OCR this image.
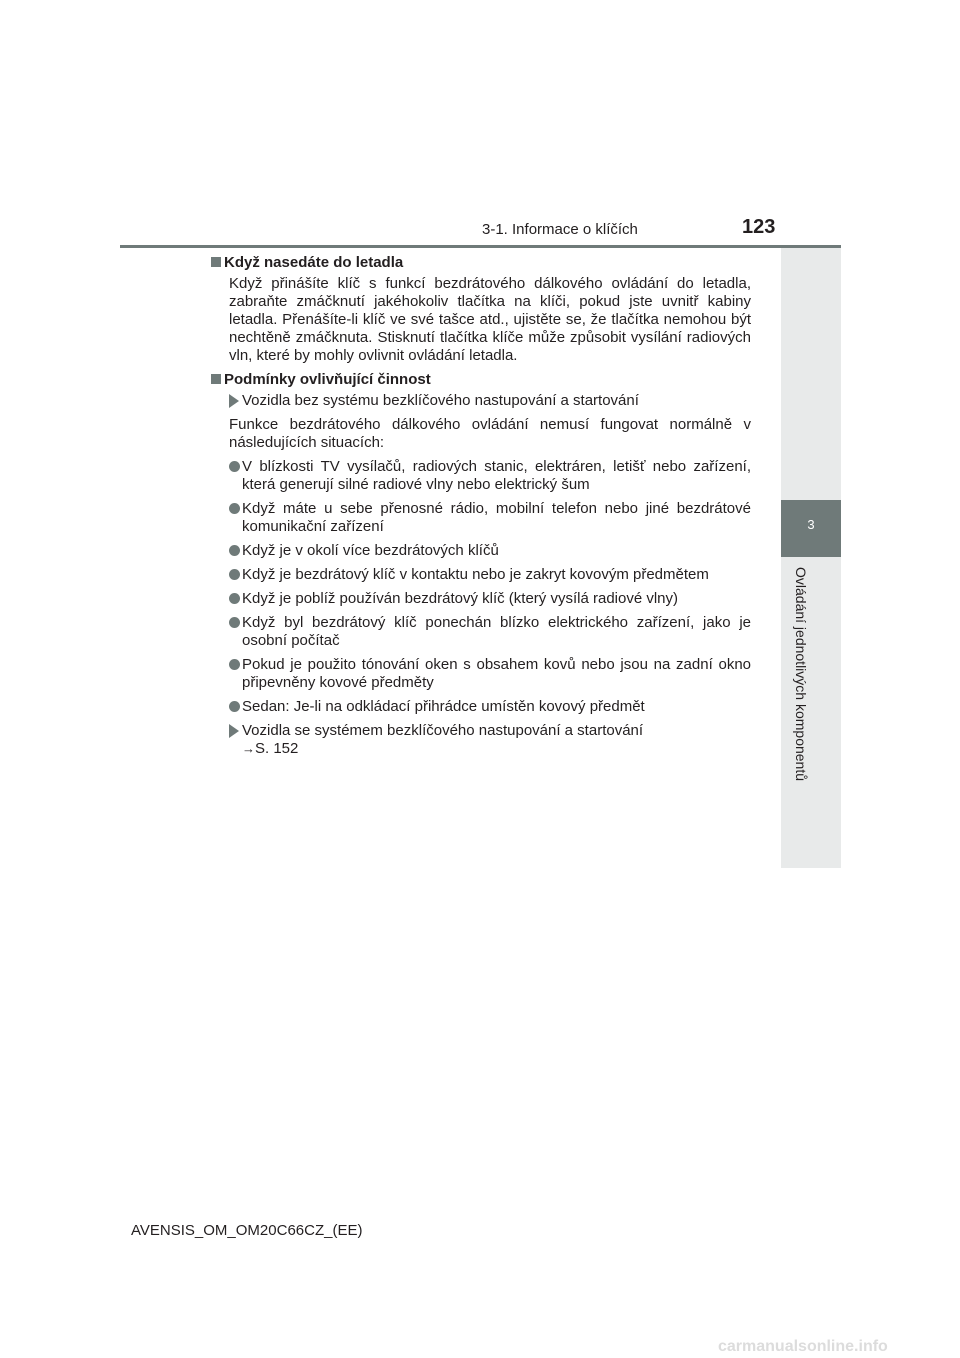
3-1. Informace o klíčích	123
3
Ovládání jednotlivých komponentů
Když nasedáte do letadla
Když přinášíte klíč s funkcí bezdrátového dálkového ovládání do letadla, zabraňte zmáčknutí jakéhokoliv tlačítka na klíči, pokud jste uvnitř kabiny letadla. Přenášíte-li klíč ve své tašce atd., ujistěte se, že tlačítka nemohou být nechtěně zmáčknuta. Stisknutí tlačítka klíče může způsobit vysílání radiových vln, které by mohly ovlivnit ovládání letadla.
Podmínky ovlivňující činnost
Vozidla bez systému bezklíčového nastupování a startování
Funkce bezdrátového dálkového ovládání nemusí fungovat normálně v následujících situacích:
V blízkosti TV vysílačů, radiových stanic, elektráren, letišť nebo zařízení, která generují silné radiové vlny nebo elektrický šum
Když máte u sebe přenosné rádio, mobilní telefon nebo jiné bezdrátové komunikační zařízení
Když je v okolí více bezdrátových klíčů
Když je bezdrátový klíč v kontaktu nebo je zakryt kovovým předmětem
Když je poblíž používán bezdrátový klíč (který vysílá radiové vlny)
Když byl bezdrátový klíč ponechán blízko elektrického zařízení, jako je osobní počítač
Pokud je použito tónování oken s obsahem kovů nebo jsou na zadní okno připevněny kovové předměty
Sedan: Je-li na odkládací přihrádce umístěn kovový předmět
Vozidla se systémem bezklíčového nastupování a startování
→S. 152
AVENSIS_OM_OM20C66CZ_(EE)
carmanualsonline.info
